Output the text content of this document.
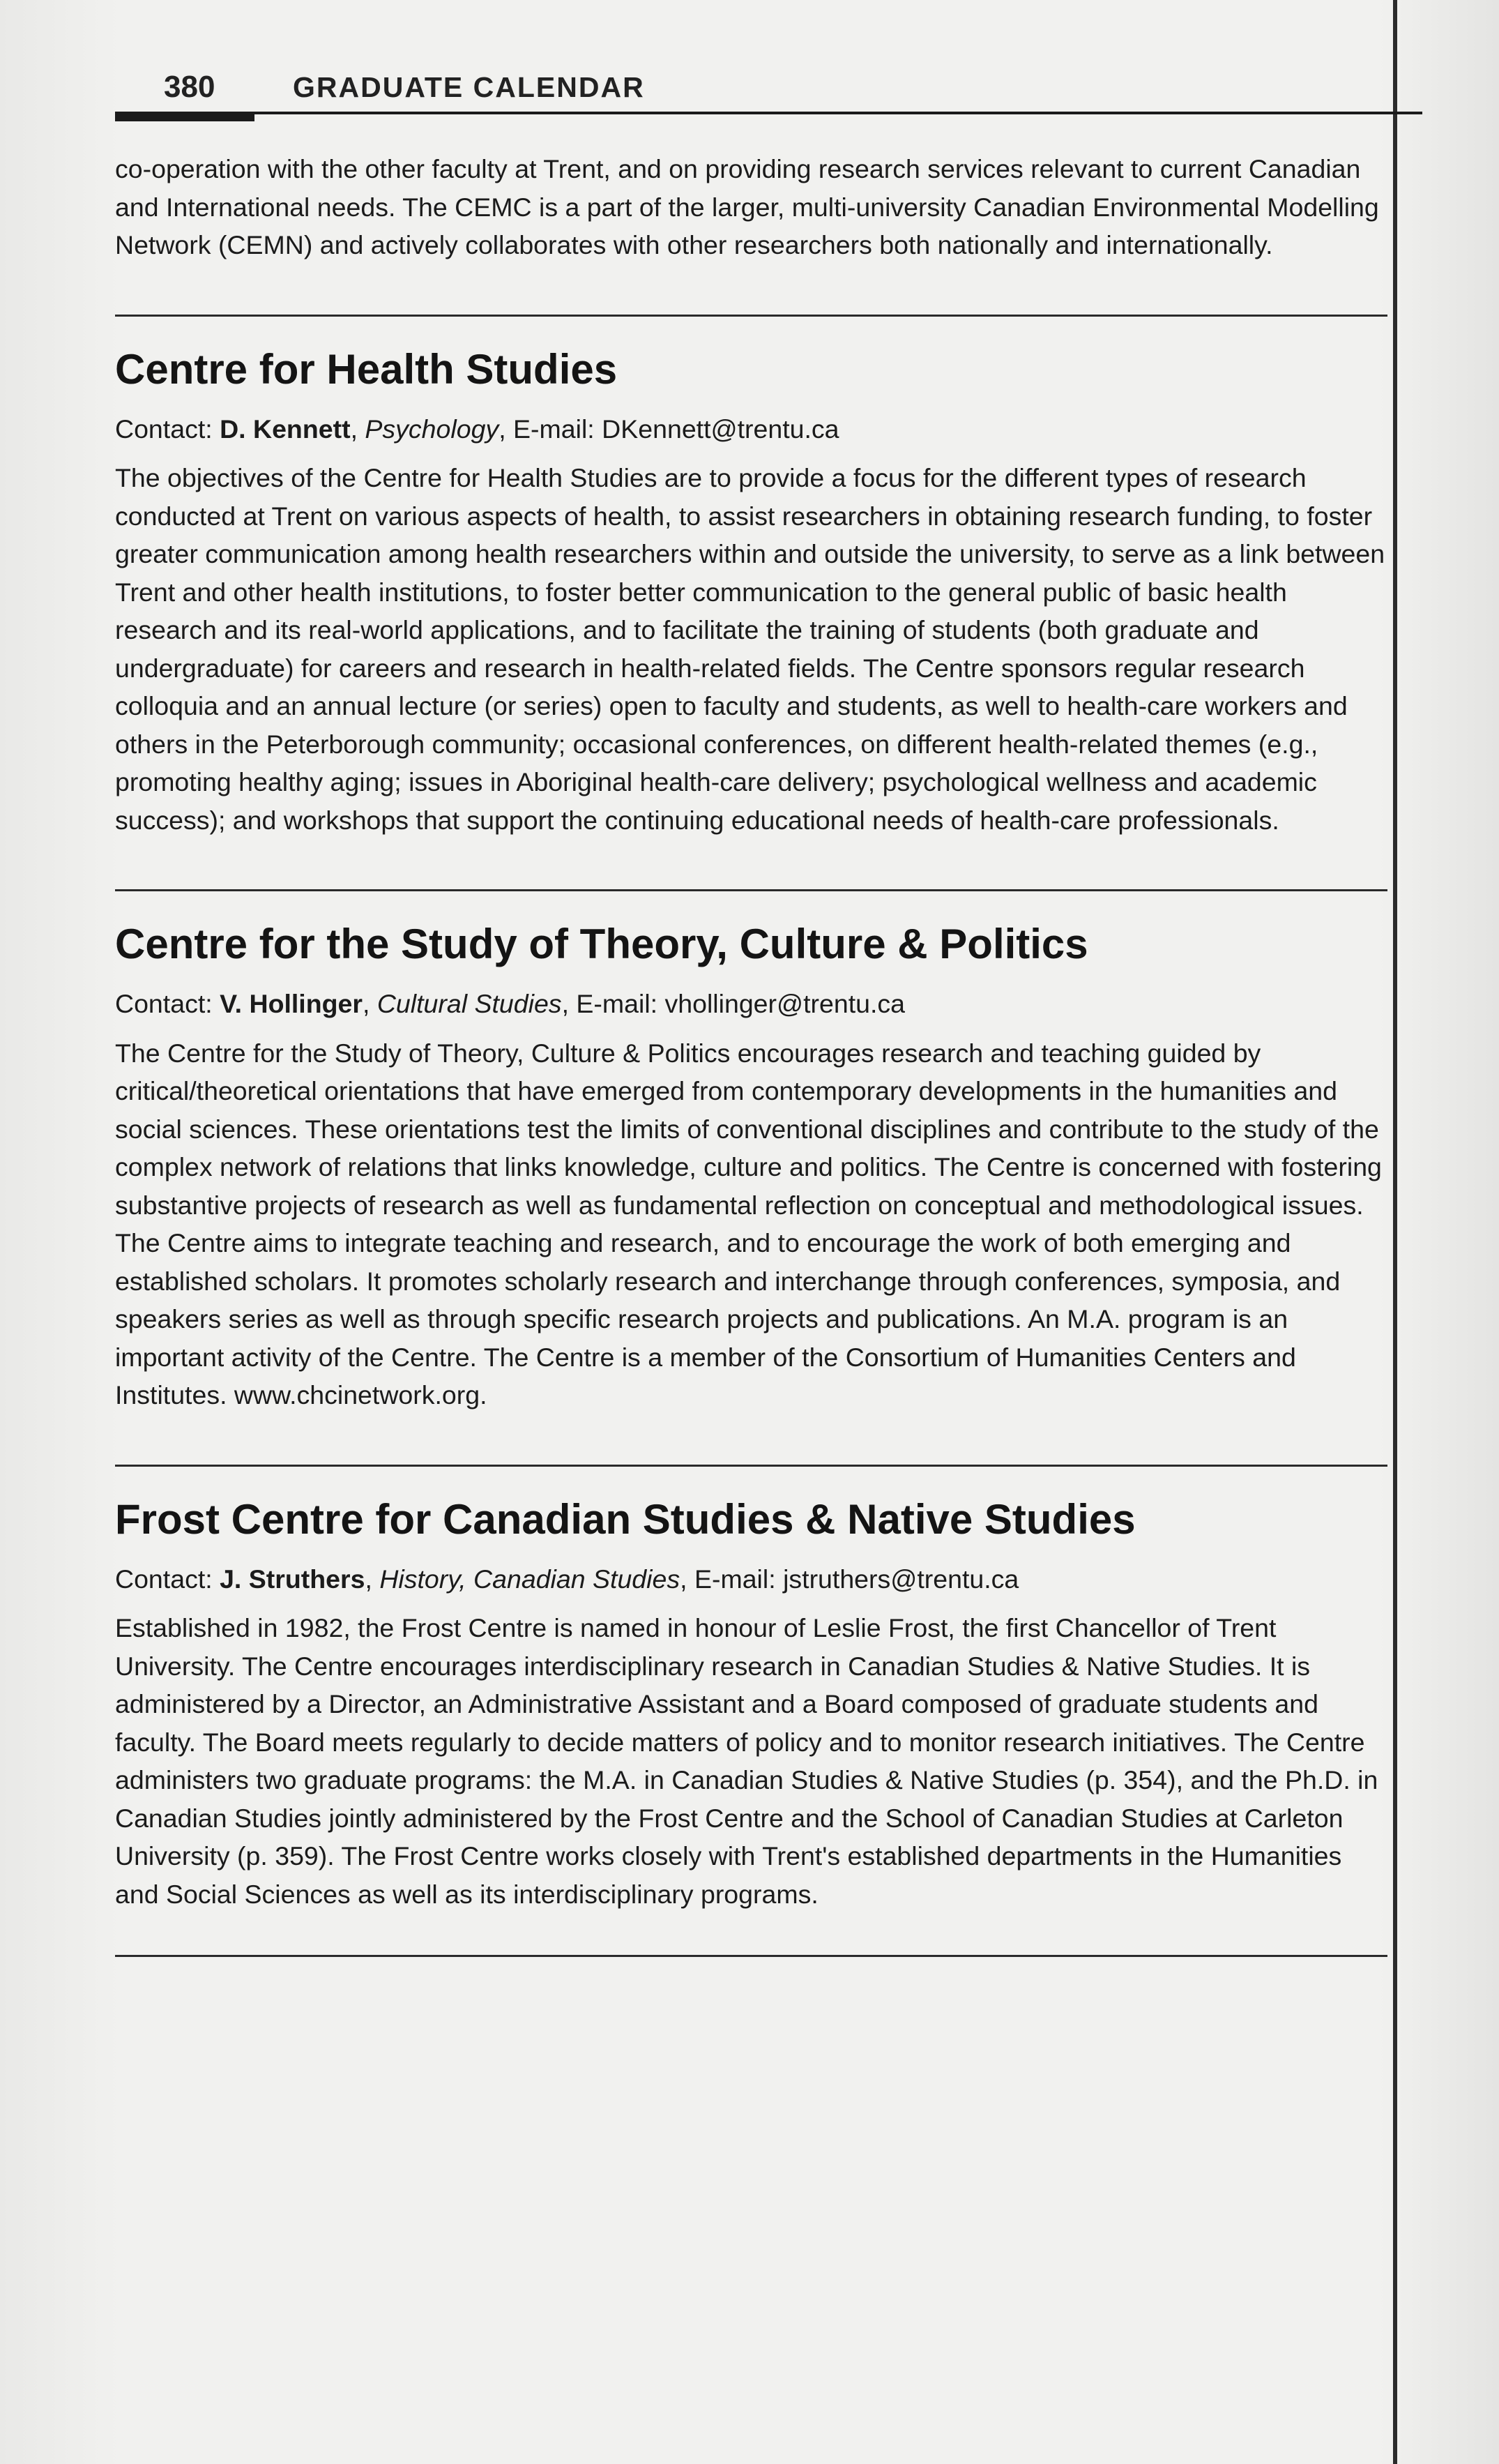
380	GRADUATE CALENDAR

co-operation with the other faculty at Trent, and on providing research services relevant to current Canadian and International needs. The CEMC is a part of the larger, multi-university Canadian Environmental Modelling Network (CEMN) and actively collaborates with other researchers both nationally and internationally.

Centre for Health Studies
Contact: D. Kennett, Psychology, E-mail: DKennett@trentu.ca

The objectives of the Centre for Health Studies are to provide a focus for the different types of research conducted at Trent on various aspects of health, to assist researchers in obtaining research funding, to foster greater communication among health researchers within and outside the university, to serve as a link between Trent and other health institutions, to foster better communication to the general public of basic health research and its real-world applications, and to facilitate the training of students (both graduate and undergraduate) for careers and research in health-related fields. The Centre sponsors regular research colloquia and an annual lecture (or series) open to faculty and students, as well to health-care workers and others in the Peterborough community; occasional conferences, on different health-related themes (e.g., promoting healthy aging; issues in Aboriginal health-care delivery; psychological wellness and academic success); and workshops that support the continuing educational needs of health-care professionals.

Centre for the Study of Theory, Culture & Politics
Contact: V. Hollinger, Cultural Studies, E-mail: vhollinger@trentu.ca

The Centre for the Study of Theory, Culture & Politics encourages research and teaching guided by critical/theoretical orientations that have emerged from contemporary developments in the humanities and social sciences. These orientations test the limits of conventional disciplines and contribute to the study of the complex network of relations that links knowledge, culture and politics. The Centre is concerned with fostering substantive projects of research as well as fundamental reflection on conceptual and methodological issues. The Centre aims to integrate teaching and research, and to encourage the work of both emerging and established scholars. It promotes scholarly research and interchange through conferences, symposia, and speakers series as well as through specific research projects and publications. An M.A. program is an important activity of the Centre. The Centre is a member of the Consortium of Humanities Centers and Institutes. www.chcinetwork.org.

Frost Centre for Canadian Studies & Native Studies
Contact: J. Struthers, History, Canadian Studies, E-mail: jstruthers@trentu.ca

Established in 1982, the Frost Centre is named in honour of Leslie Frost, the first Chancellor of Trent University. The Centre encourages interdisciplinary research in Canadian Studies & Native Studies. It is administered by a Director, an Administrative Assistant and a Board composed of graduate students and faculty. The Board meets regularly to decide matters of policy and to monitor research initiatives. The Centre administers two graduate programs: the M.A. in Canadian Studies & Native Studies (p. 354), and the Ph.D. in Canadian Studies jointly administered by the Frost Centre and the School of Canadian Studies at Carleton University (p. 359). The Frost Centre works closely with Trent's established departments in the Humanities and Social Sciences as well as its interdisciplinary programs.
